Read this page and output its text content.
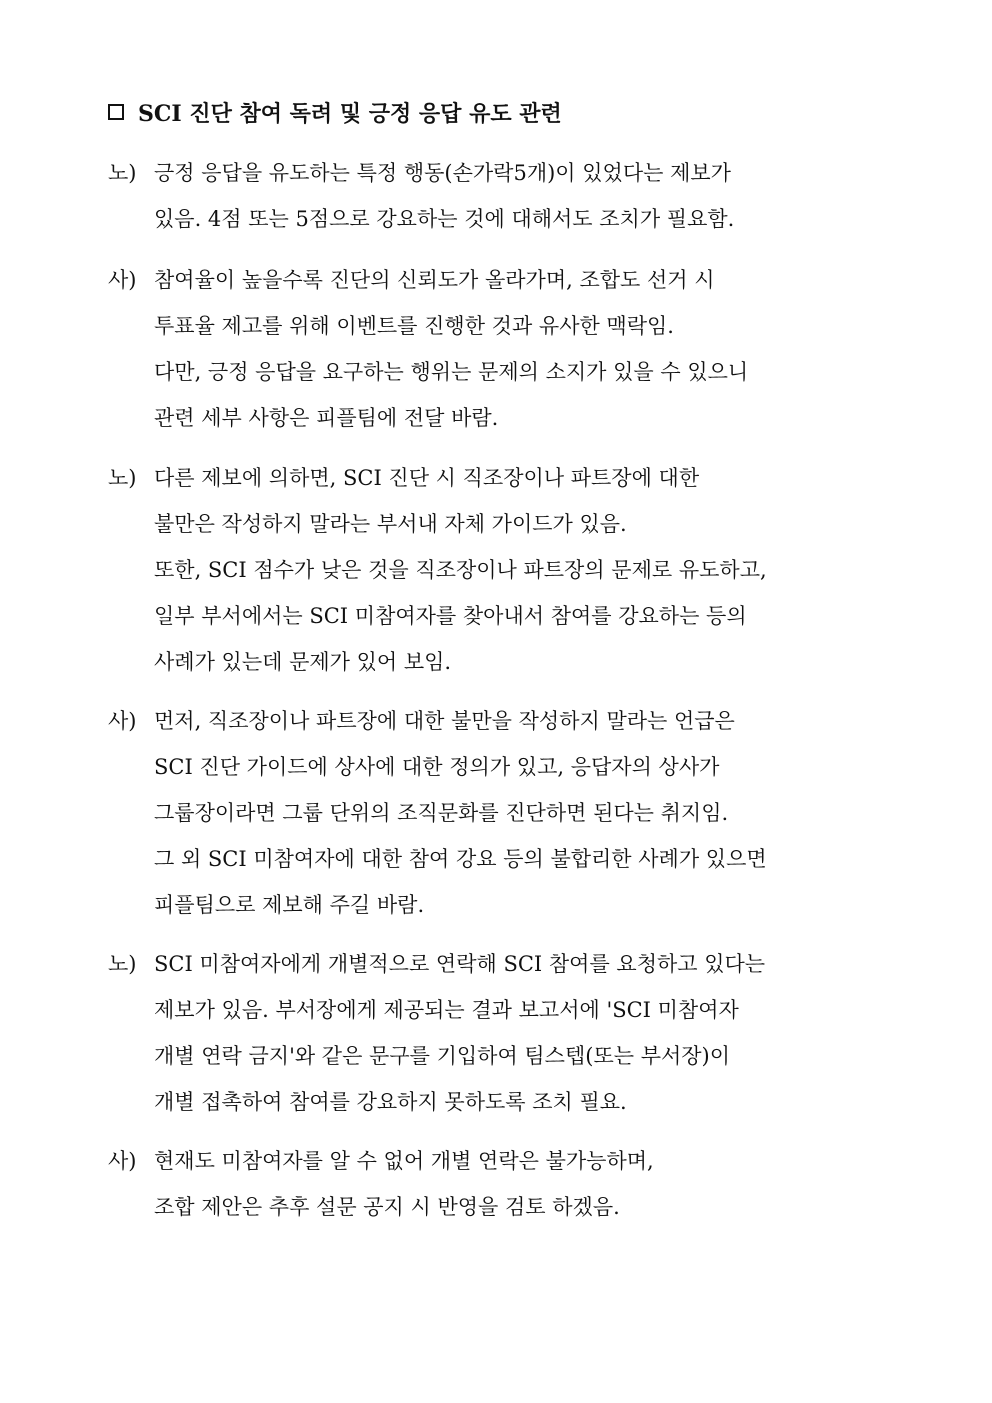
SCI 진단 참여 독려 및 긍정 응답 유도 관련
노) 긍정 응답을 유도하는 특정 행동(손가락5개)이 있었다는 제보가
있음. 4점 또는 5점으로 강요하는 것에 대해서도 조치가 필요함.
사) 참여율이 높을수록 진단의 신뢰도가 올라가며, 조합도 선거 시
투표율 제고를 위해 이벤트를 진행한 것과 유사한 맥락임.
다만, 긍정 응답을 요구하는 행위는 문제의 소지가 있을 수 있으니
관련 세부 사항은 피플팀에 전달 바람.
노) 다른 제보에 의하면, SCI 진단 시 직조장이나 파트장에 대한
불만은 작성하지 말라는 부서내 자체 가이드가 있음.
또한, SCI 점수가 낮은 것을 직조장이나 파트장의 문제로 유도하고,
일부 부서에서는 SCI 미참여자를 찾아내서 참여를 강요하는 등의
사례가 있는데 문제가 있어 보임.
사) 먼저, 직조장이나 파트장에 대한 불만을 작성하지 말라는 언급은
SCI 진단 가이드에 상사에 대한 정의가 있고, 응답자의 상사가
그룹장이라면 그룹 단위의 조직문화를 진단하면 된다는 취지임.
그 외 SCI 미참여자에 대한 참여 강요 등의 불합리한 사례가 있으면
피플팀으로 제보해 주길 바람.
노) SCI 미참여자에게 개별적으로 연락해 SCI 참여를 요청하고 있다는
제보가 있음. 부서장에게 제공되는 결과 보고서에 'SCI 미참여자
개별 연락 금지'와 같은 문구를 기입하여 팀스텝(또는 부서장)이
개별 접촉하여 참여를 강요하지 못하도록 조치 필요.
사) 현재도 미참여자를 알 수 없어 개별 연락은 불가능하며,
조합 제안은 추후 설문 공지 시 반영을 검토 하겠음.
